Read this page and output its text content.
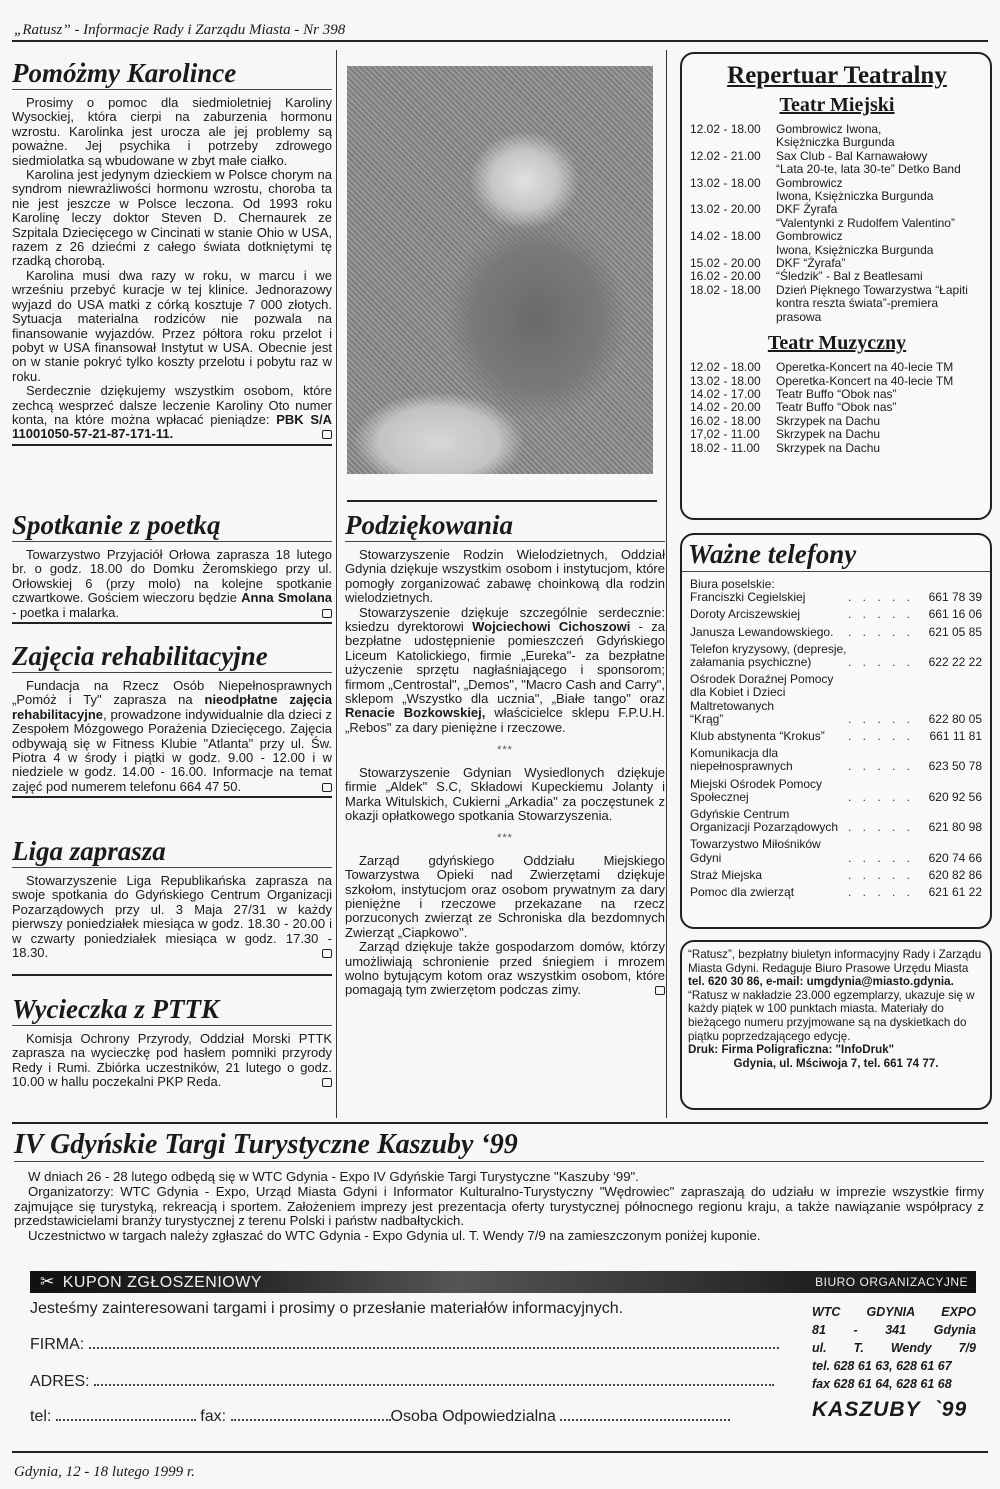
„Ratusz” - Informacje Rady i Zarządu Miasta - Nr 398
Pomóżmy Karolince

Prosimy o pomoc dla siedmioletniej Karoliny Wysockiej, która cierpi na zaburzenia hormonu wzrostu. Karolinka jest urocza ale jej problemy są poważne. Jej psychika i potrzeby zdrowego siedmiolatka są wbudowane w zbyt małe ciałko.

Karolina jest jedynym dzieckiem w Polsce chorym na syndrom niewrażliwości hormonu wzrostu, choroba ta nie jest jeszcze w Polsce leczona. Od 1993 roku Karolinę leczy doktor Steven D. Chernaurek ze Szpitala Dziecięcego w Cincinati w stanie Ohio w USA, razem z 26 dziećmi z całego świata dotkniętymi tę rzadką chorobą.

Karolina musi dwa razy w roku, w marcu i we wrześniu przebyć kuracje w tej klinice. Jednorazowy wyjazd do USA matki z córką kosztuje 7 000 złotych. Sytuacja materialna rodziców nie pozwala na finansowanie wyjazdów. Przez półtora roku przelot i pobyt w USA finansował Instytut w USA. Obecnie jest on w stanie pokryć tylko koszty przelotu i pobytu raz w roku.

Serdecznie dziękujemy wszystkim osobom, które zechcą wesprzeć dalsze leczenie Karoliny Oto numer konta, na które można wpłacać pieniądze: PBK S/A 11001050-57-21-87-171-11.

Spotkanie z poetką

Towarzystwo Przyjaciół Orłowa zaprasza 18 lutego br. o godz. 18.00 do Domku Żeromskiego przy ul. Orłowskiej 6 (przy molo) na kolejne spotkanie czwartkowe. Gościem wieczoru będzie Anna Smolana - poetka i malarka.

Zajęcia rehabilitacyjne

Fundacja na Rzecz Osób Niepełnosprawnych „Pomóż i Ty" zaprasza na nieodpłatne zajęcia rehabilitacyjne, prowadzone indywidualnie dla dzieci z Zespołem Mózgowego Porażenia Dziecięcego. Zajęcia odbywają się w Fitness Klubie "Atlanta" przy ul. Św. Piotra 4 w środy i piątki w godz. 9.00 - 12.00 i w niedziele w godz. 14.00 - 16.00. Informacje na temat zajęć pod numerem telefonu 664 47 50.

Liga zaprasza

Stowarzyszenie Liga Republikańska zaprasza na swoje spotkania do Gdyńskiego Centrum Organizacji Pozarządowych przy ul. 3 Maja 27/31 w każdy pierwszy poniedziałek miesiąca w godz. 18.30 - 20.00 i w czwarty poniedziałek miesiąca w godz. 17.30 - 18.30.

Wycieczka z PTTK

Komisja Ochrony Przyrody, Oddział Morski PTTK zaprasza na wycieczkę pod hasłem pomniki przyrody Redy i Rumi. Zbiórka uczestników, 21 lutego o godz. 10.00 w hallu poczekalni PKP Reda.

Podziękowania

Stowarzyszenie Rodzin Wielodzietnych, Oddział Gdynia dziękuje wszystkim osobom i instytucjom, które pomogły zorganizować zabawę choinkową dla rodzin wielodzietnych.

Stowarzyszenie dziękuje szczególnie serdecznie: ksiedzu dyrektorowi Wojciechowi Cichoszowi - za bezpłatne udostępnienie pomieszczeń Gdyńskiego Liceum Katolickiego, firmie „Eureka"- za bezpłatne użyczenie sprzętu nagłaśniającego i sponsorom; firmom „Centrostal", „Demos", "Macro Cash and Carry", sklepom „Wszystko dla ucznia", „Białe tango" oraz Renacie Bozkowskiej, właścicielce sklepu F.P.U.H. „Rebos" za dary pieniężne i rzeczowe.

***

Stowarzyszenie Gdynian Wysiedlonych dziękuje firmie „Aldek" S.C, Składowi Kupeckiemu Jolanty i Marka Witulskich, Cukierni „Arkadia" za poczęstunek z okazji opłatkowego spotkania Stowarzyszenia.

***

Zarząd gdyńskiego Oddziału Miejskiego Towarzystwa Opieki nad Zwierzętami dziękuje szkołom, instytucjom oraz osobom prywatnym za dary pieniężne i rzeczowe przekazane na rzecz porzuconych zwierząt ze Schroniska dla bezdomnych Zwierząt „Ciapkowo".

Zarząd dziękuje także gospodarzom domów, którzy umożliwiają schronienie przed śniegiem i mrozem wolno bytującym kotom oraz wszystkim osobom, które pomagają tym zwierzętom podczas zimy.

Repertuar Teatralny
Teatr Miejski
12.02 - 18.00	Gombrowicz Iwona,
Księżniczka Burgunda
12.02 - 21.00	Sax Club - Bal Karnawałowy
“Lata 20-te, lata 30-te” Detko Band
13.02 - 18.00	Gombrowicz
Iwona, Księżniczka Burgunda
13.02 - 20.00	DKF Żyrafa
“Valentynki z Rudolfem Valentino”
14.02 - 18.00	Gombrowicz
Iwona, Księżniczka Burgunda
15.02 - 20.00	DKF “Żyrafa”
16.02 - 20.00	“Śledzik” - Bal z Beatlesami
18.02 - 18.00	Dzień Pięknego Towarzystwa “Łapiti
kontra reszta świata”-premiera prasowa
Teatr Muzyczny
12.02 - 18.00	Operetka-Koncert na 40-lecie TM
13.02 - 18.00	Operetka-Koncert na 40-lecie TM
14.02 - 17.00	Teatr Buffo “Obok nas”
14.02 - 20.00	Teatr Buffo “Obok nas”
16.02 - 18.00	Skrzypek na Dachu
17,02 - 11.00	Skrzypek na Dachu
18.02 - 11.00	Skrzypek na Dachu
Ważne telefony
Biura poselskie:
Franciszki Cegielskiej	. . . . .	661 78 39
Doroty Arciszewskiej	. . . . .	661 16 06
Janusza Lewandowskiego.	. . . . .	621 05 85
Telefon kryzysowy, (depresje,
załamania psychiczne)	. . . . .	622 22 22
Ośrodek Doraźnej Pomocy
dla Kobiet i Dzieci Maltretowanych
“Krąg”	. . . . .	622 80 05
Klub abstynenta “Krokus”	. . . . .	661 11 81
Komunikacja dla
niepełnosprawnych	. . . . .	623 50 78
Miejski Ośrodek Pomocy
Społecznej	. . . . .	620 92 56
Gdyńskie Centrum
Organizacji Pozarządowych . . . . .	621 80 98
Towarzystwo Miłośników Gdyni	. . . . .	620 74 66
Straż Miejska	. . . . .	620 82 86
Pomoc dla zwierząt	. . . . .	621 61 22
“Ratusz”, bezpłatny biuletyn informacyjny Rady i Zarządu Miasta Gdyni. Redaguje Biuro Prasowe Urzędu Miasta
tel. 620 30 86, e-mail: umgdynia@miasto.gdynia.
“Ratusz w nakładzie 23.000 egzemplarzy, ukazuje się w każdy piątek w 100 punktach miasta. Materiały do bieżącego numeru przyjmowane są na dyskietkach do piątku poprzedzającego edycję.
Druk: Firma Poligraficzna: "InfoDruk"
Gdynia, ul. Mściwoja 7, tel. 661 74 77.
IV Gdyńskie Targi Turystyczne Kaszuby ‘99

W dniach 26 - 28 lutego odbędą się w WTC Gdynia - Expo IV Gdyńskie Targi Turystyczne "Kaszuby ‘99".

Organizatorzy: WTC Gdynia - Expo, Urząd Miasta Gdyni i Informator Kulturalno-Turystyczny "Wędrowiec" zapraszają do udziału w imprezie wszystkie firmy zajmujące się turystyką, rekreacją i sportem. Założeniem imprezy jest prezentacja oferty turystycznej północnego regionu kraju, a także nawiązanie współpracy z przedstawicielami branży turystycznej z terenu Polski i państw nadbałtyckich.

Uczestnictwo w targach należy zgłaszać do WTC Gdynia - Expo Gdynia ul. T. Wendy 7/9 na zamieszczonym poniżej kuponie.

✂ KUPON ZGŁOSZENIOWY	BIURO ORGANIZACYJNE
Jesteśmy zainteresowani targami i prosimy o przesłanie materiałów informacyjnych.
FIRMA:
ADRES:
tel:	fax:	Osoba Odpowiedzialna
WTC GDYNIA EXPO
81 - 341 Gdynia
ul. T. Wendy 7/9
tel. 628 61 63, 628 61 67
fax 628 61 64, 628 61 68
KASZUBY  `99
Gdynia, 12 - 18 lutego 1999 r.
